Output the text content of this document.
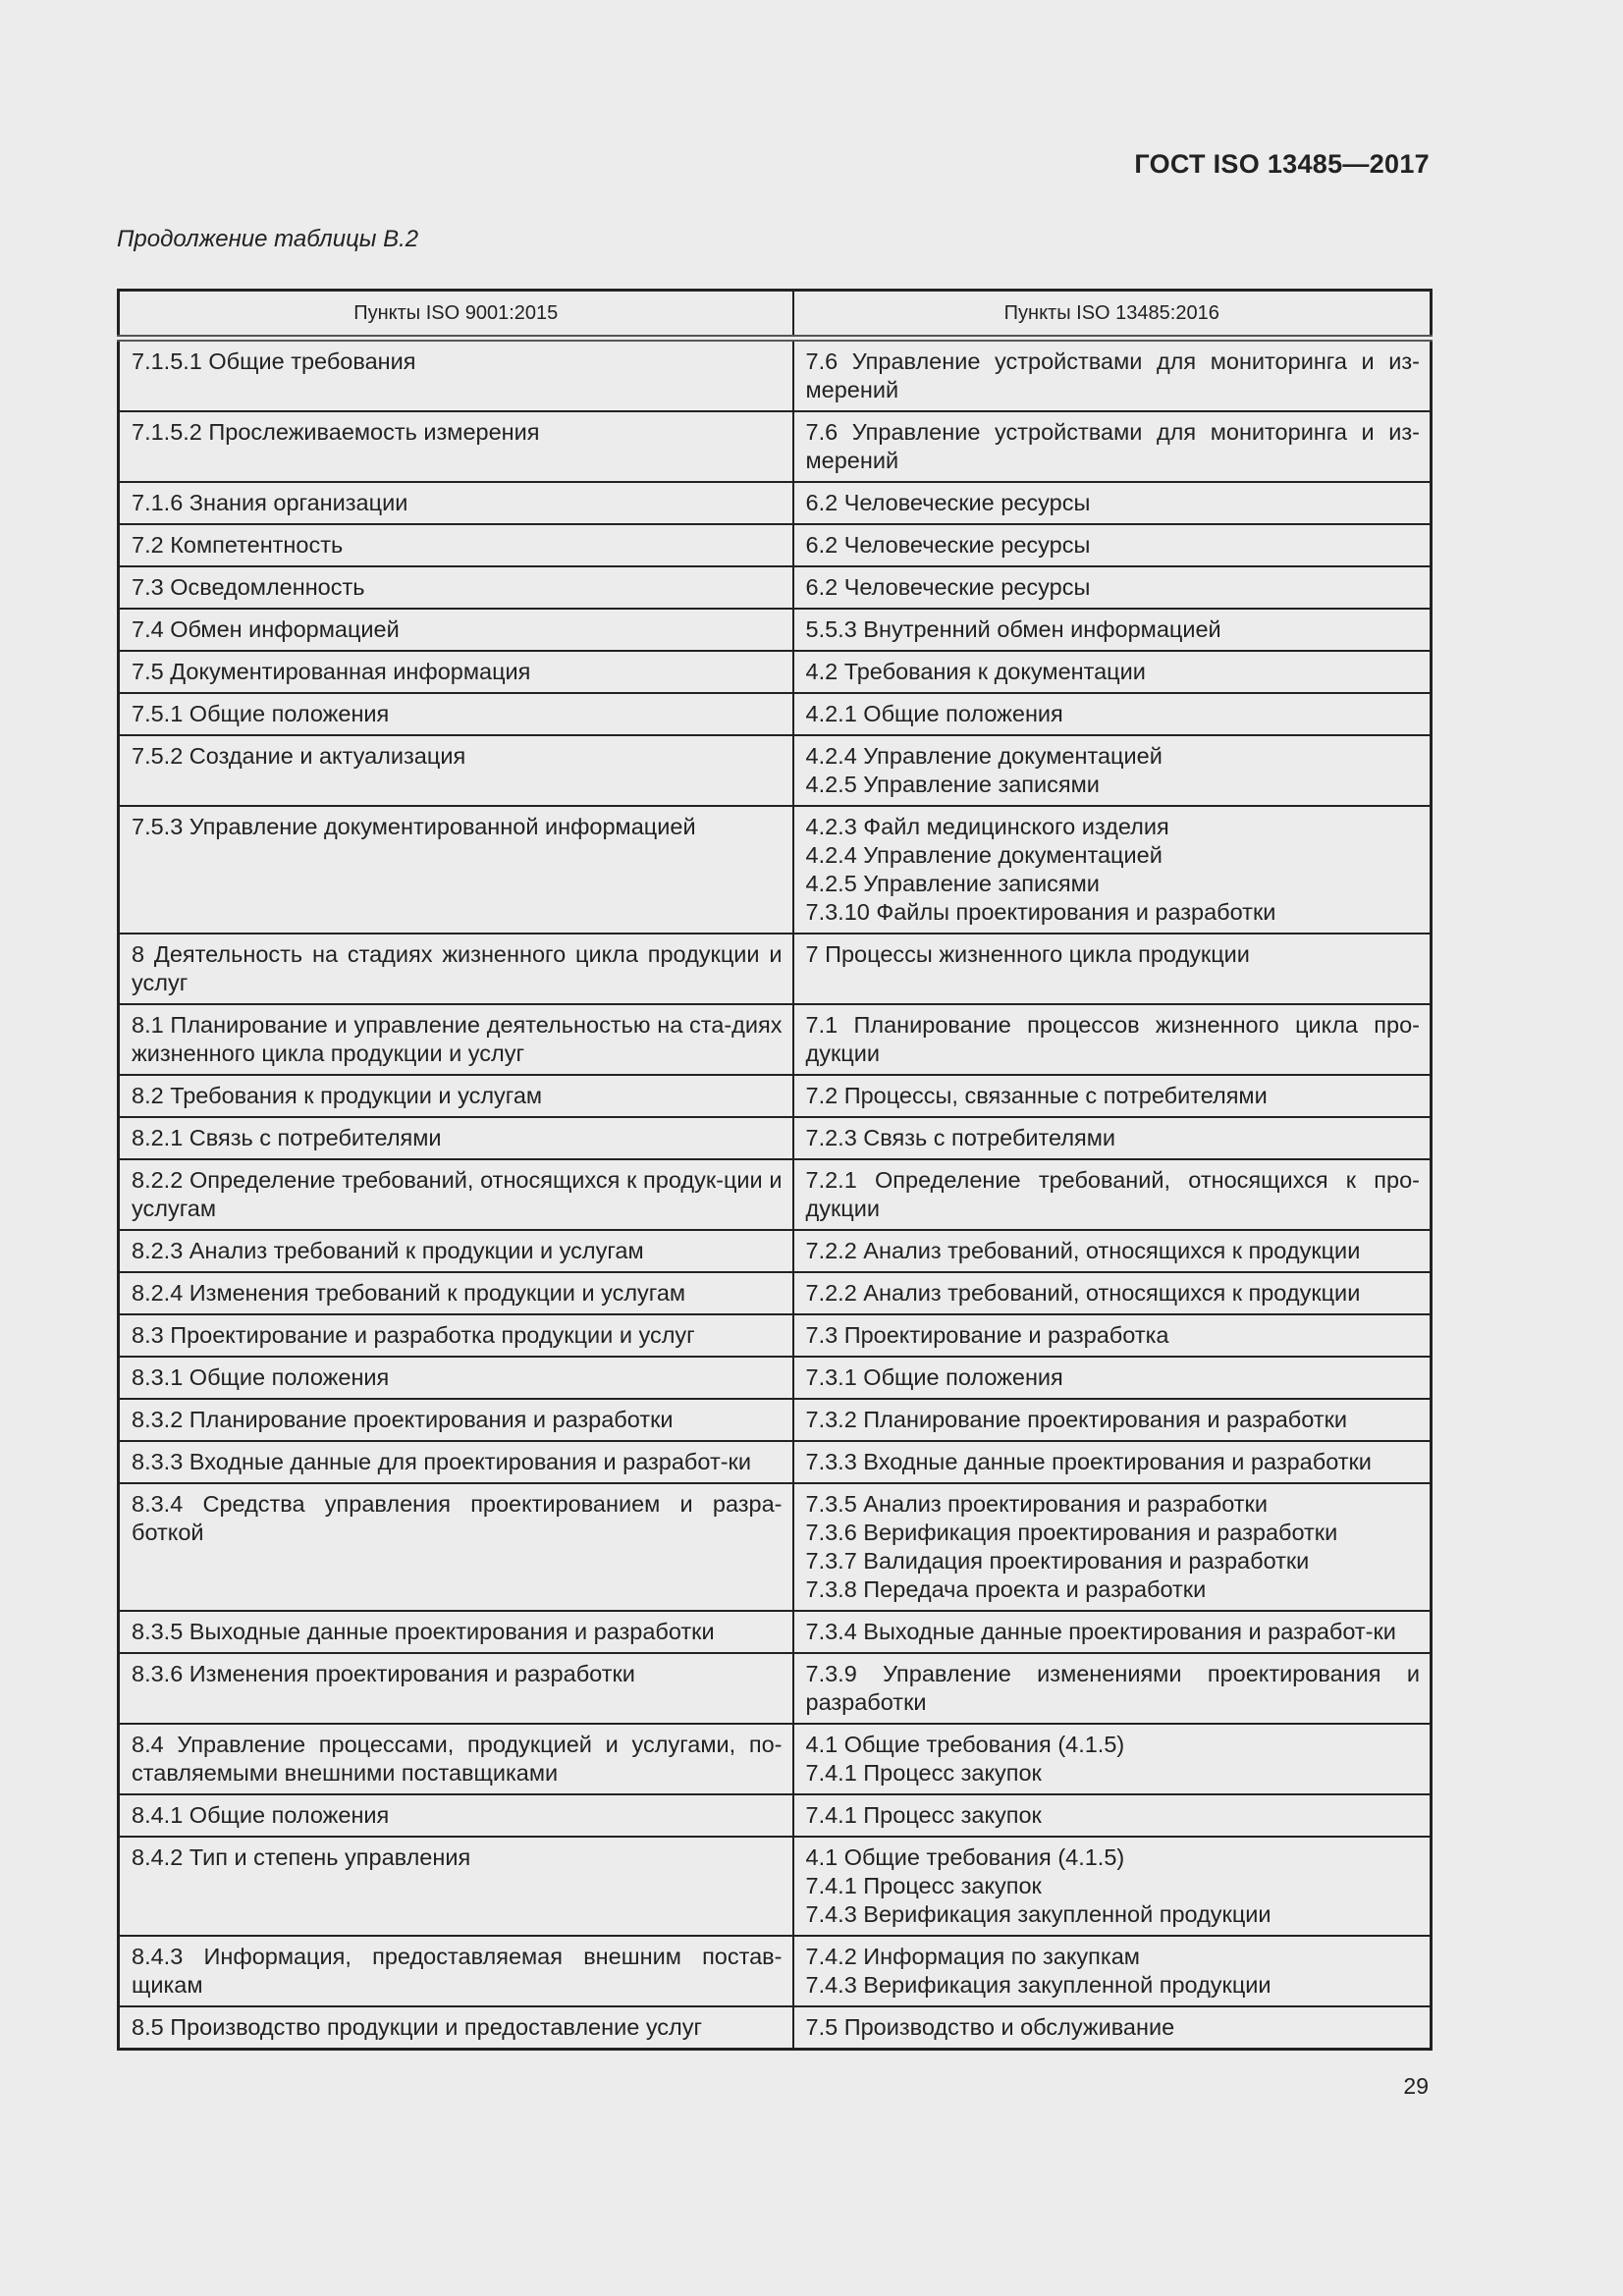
ГОСТ ISO 13485—2017
Продолжение таблицы В.2
Пункты ISO 9001:2015	Пункты ISO 13485:2016

7.1.5.1 Общие требования	7.6 Управление устройствами для мониторинга и из-мерений

7.1.5.2 Прослеживаемость измерения	7.6 Управление устройствами для мониторинга и из-мерений

7.1.6 Знания организации	6.2 Человеческие ресурсы

7.2 Компетентность	6.2 Человеческие ресурсы

7.3 Осведомленность	6.2 Человеческие ресурсы

7.4 Обмен информацией	5.5.3 Внутренний обмен информацией

7.5 Документированная информация	4.2 Требования к документации

7.5.1 Общие положения	4.2.1 Общие положения

7.5.2 Создание и актуализация	4.2.4 Управление документацией
4.2.5 Управление записями

7.5.3 Управление документированной информацией	4.2.3 Файл медицинского изделия
4.2.4 Управление документацией
4.2.5 Управление записями
7.3.10 Файлы проектирования и разработки

8 Деятельность на стадиях жизненного цикла продукции и услуг	7 Процессы жизненного цикла продукции

8.1 Планирование и управление деятельностью на ста-диях жизненного цикла продукции и услуг	7.1 Планирование процессов жизненного цикла про-дукции

8.2 Требования к продукции и услугам	7.2 Процессы, связанные с потребителями

8.2.1 Связь с потребителями	7.2.3 Связь с потребителями

8.2.2 Определение требований, относящихся к продук-ции и услугам	7.2.1 Определение требований, относящихся к про-дукции

8.2.3 Анализ требований к продукции и услугам	7.2.2 Анализ требований, относящихся к продукции

8.2.4 Изменения требований к продукции и услугам	7.2.2 Анализ требований, относящихся к продукции

8.3 Проектирование и разработка продукции и услуг	7.3 Проектирование и разработка

8.3.1 Общие положения	7.3.1 Общие положения

8.3.2 Планирование проектирования и разработки	7.3.2 Планирование проектирования и разработки

8.3.3 Входные данные для проектирования и разработ-ки	7.3.3 Входные данные проектирования и разработки

8.3.4 Средства управления проектированием и разра-боткой	7.3.5 Анализ проектирования и разработки
7.3.6 Верификация проектирования и разработки
7.3.7 Валидация проектирования и разработки
7.3.8 Передача проекта и разработки

8.3.5 Выходные данные проектирования и разработки	7.3.4 Выходные данные проектирования и разработ-ки

8.3.6 Изменения проектирования и разработки	7.3.9 Управление изменениями проектирования и разработки

8.4 Управление процессами, продукцией и услугами, по-ставляемыми внешними поставщиками	4.1 Общие требования (4.1.5)
7.4.1 Процесс закупок

8.4.1 Общие положения	7.4.1 Процесс закупок

8.4.2 Тип и степень управления	4.1 Общие требования (4.1.5)
7.4.1 Процесс закупок
7.4.3 Верификация закупленной продукции

8.4.3 Информация, предоставляемая внешним постав-щикам	7.4.2 Информация по закупкам
7.4.3 Верификация закупленной продукции

8.5 Производство продукции и предоставление услуг	7.5 Производство и обслуживание
29
